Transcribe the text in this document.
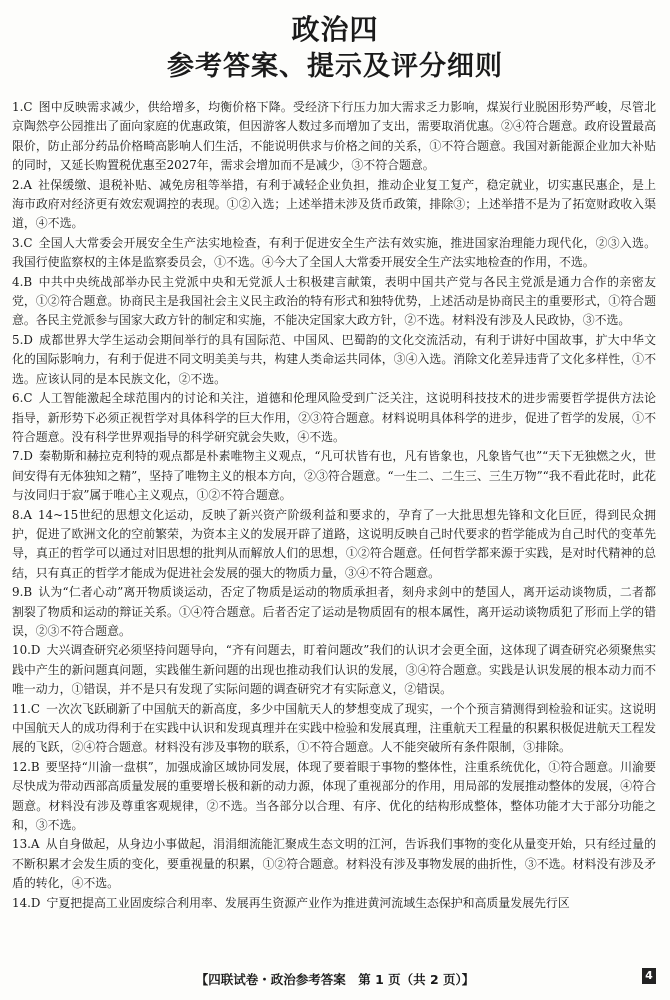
政治四
参考答案、提示及评分细则

1.C 图中反映需求减少，供给增多，均衡价格下降。受经济下行压力加大需求乏力影响，煤炭行业脱困形势严峻，尽管北京陶然亭公园推出了面向家庭的优惠政策，但因游客人数过多而增加了支出，需要取消优惠。②④符合题意。政府设置最高限价，防止部分药品价格畸高影响人们生活，不能说明供求与价格之间的关系，①不符合题意。我国对新能源企业加大补贴的同时，又延长购置税优惠至2027年，需求会增加而不是减少，③不符合题意。

2.A 社保缓缴、退税补贴、减免房租等举措，有利于减轻企业负担，推动企业复工复产，稳定就业，切实惠民惠企，是上海市政府对经济更有效宏观调控的表现。①②入选；上述举措未涉及货币政策，排除③；上述举措不是为了拓宽财政收入渠道，④不选。

3.C 全国人大常委会开展安全生产法实地检查，有利于促进安全生产法有效实施，推进国家治理能力现代化，②③入选。我国行使监察权的主体是监察委员会，①不选。④今大了全国人大常委开展安全生产法实地检查的作用，不选。

4.B 中共中央统战部举办民主党派中央和无党派人士积极建言献策，表明中国共产党与各民主党派是通力合作的亲密友党，①②符合题意。协商民主是我国社会主义民主政治的特有形式和独特优势，上述活动是协商民主的重要形式，①符合题意。各民主党派参与国家大政方针的制定和实施，不能决定国家大政方针，②不选。材料没有涉及人民政协，③不选。

5.D 成都世界大学生运动会期间举行的具有国际范、中国风、巴蜀韵的文化交流活动，有利于讲好中国故事，扩大中华文化的国际影响力，有利于促进不同文明美美与共，构建人类命运共同体，③④入选。消除文化差异违背了文化多样性，①不选。应该认同的是本民族文化，②不选。

6.C 人工智能激起全球范围内的讨论和关注，道德和伦理风险受到广泛关注，这说明科技技术的进步需要哲学提供方法论指导，新形势下必须正视哲学对具体科学的巨大作用，②③符合题意。材料说明具体科学的进步，促进了哲学的发展，①不符合题意。没有科学世界观指导的科学研究就会失败，④不选。

7.D 秦勒斯和赫拉克利特的观点都是朴素唯物主义观点，“凡可状皆有也，凡有皆象也，凡象皆气也”“天下无独燃之火，世间安得有无体独知之精”，坚持了唯物主义的根本方向，②③符合题意。“一生二、二生三、三生万物”“我不看此花时，此花与汝同归于寂”属于唯心主义观点，①②不符合题意。

8.A 14~15世纪的思想文化运动，反映了新兴资产阶级利益和要求的，孕育了一大批思想先锋和文化巨匠，得到民众拥护，促进了欧洲文化的空前繁荣，为资本主义的发展开辟了道路，这说明反映自己时代要求的哲学能成为自己时代的变革先导，真正的哲学可以通过对旧思想的批判从而解放人们的思想，①②符合题意。任何哲学都来源于实践，是对时代精神的总结，只有真正的哲学才能成为促进社会发展的强大的物质力量，③④不符合题意。

9.B 认为“仁者心动”离开物质谈运动，否定了物质是运动的物质承担者，刻舟求剑中的楚国人，离开运动谈物质，二者都割裂了物质和运动的辩证关系。①④符合题意。后者否定了运动是物质固有的根本属性，离开运动谈物质犯了形而上学的错误，②③不符合题意。

10.D 大兴调查研究必须坚持问题导向，“齐有问题去，盯着问题改”我们的认识才会更全面，这体现了调查研究必须聚焦实践中产生的新问题真问题，实践催生新问题的出现也推动我们认识的发展，③④符合题意。实践是认识发展的根本动力而不唯一动力，①错误，并不是只有发现了实际问题的调查研究才有实际意义，②错误。

11.C 一次次飞跃刷新了中国航天的新高度，多少中国航天人的梦想变成了现实，一个个预言猜测得到检验和证实。这说明中国航天人的成功得利于在实践中认识和发现真理并在实践中检验和发展真理，注重航天工程量的积累积极促进航天工程发展的飞跃，②④符合题意。材料没有涉及事物的联系，①不符合题意。人不能突破所有条件限制，③排除。

12.B 要坚持“川渝一盘棋”，加强成渝区域协同发展，体现了要着眼于事物的整体性，注重系统优化，①符合题意。川渝要尽快成为带动西部高质量发展的重要增长极和新的动力源，体现了重视部分的作用，用局部的发展推动整体的发展，④符合题意。材料没有涉及尊重客观规律，②不选。当各部分以合理、有序、优化的结构形成整体，整体功能才大于部分功能之和，③不选。

13.A 从自身做起，从身边小事做起，涓涓细流能汇聚成生态文明的江河，告诉我们事物的变化从量变开始，只有经过量的不断积累才会发生质的变化，要重视量的积累，①②符合题意。材料没有涉及事物发展的曲折性，③不选。材料没有涉及矛盾的转化，④不选。

14.D 宁夏把提高工业固废综合利用率、发展再生资源产业作为推进黄河流域生态保护和高质量发展先行区

【四联试卷・政治参考答案　第 1 页（共 2 页）】	4
